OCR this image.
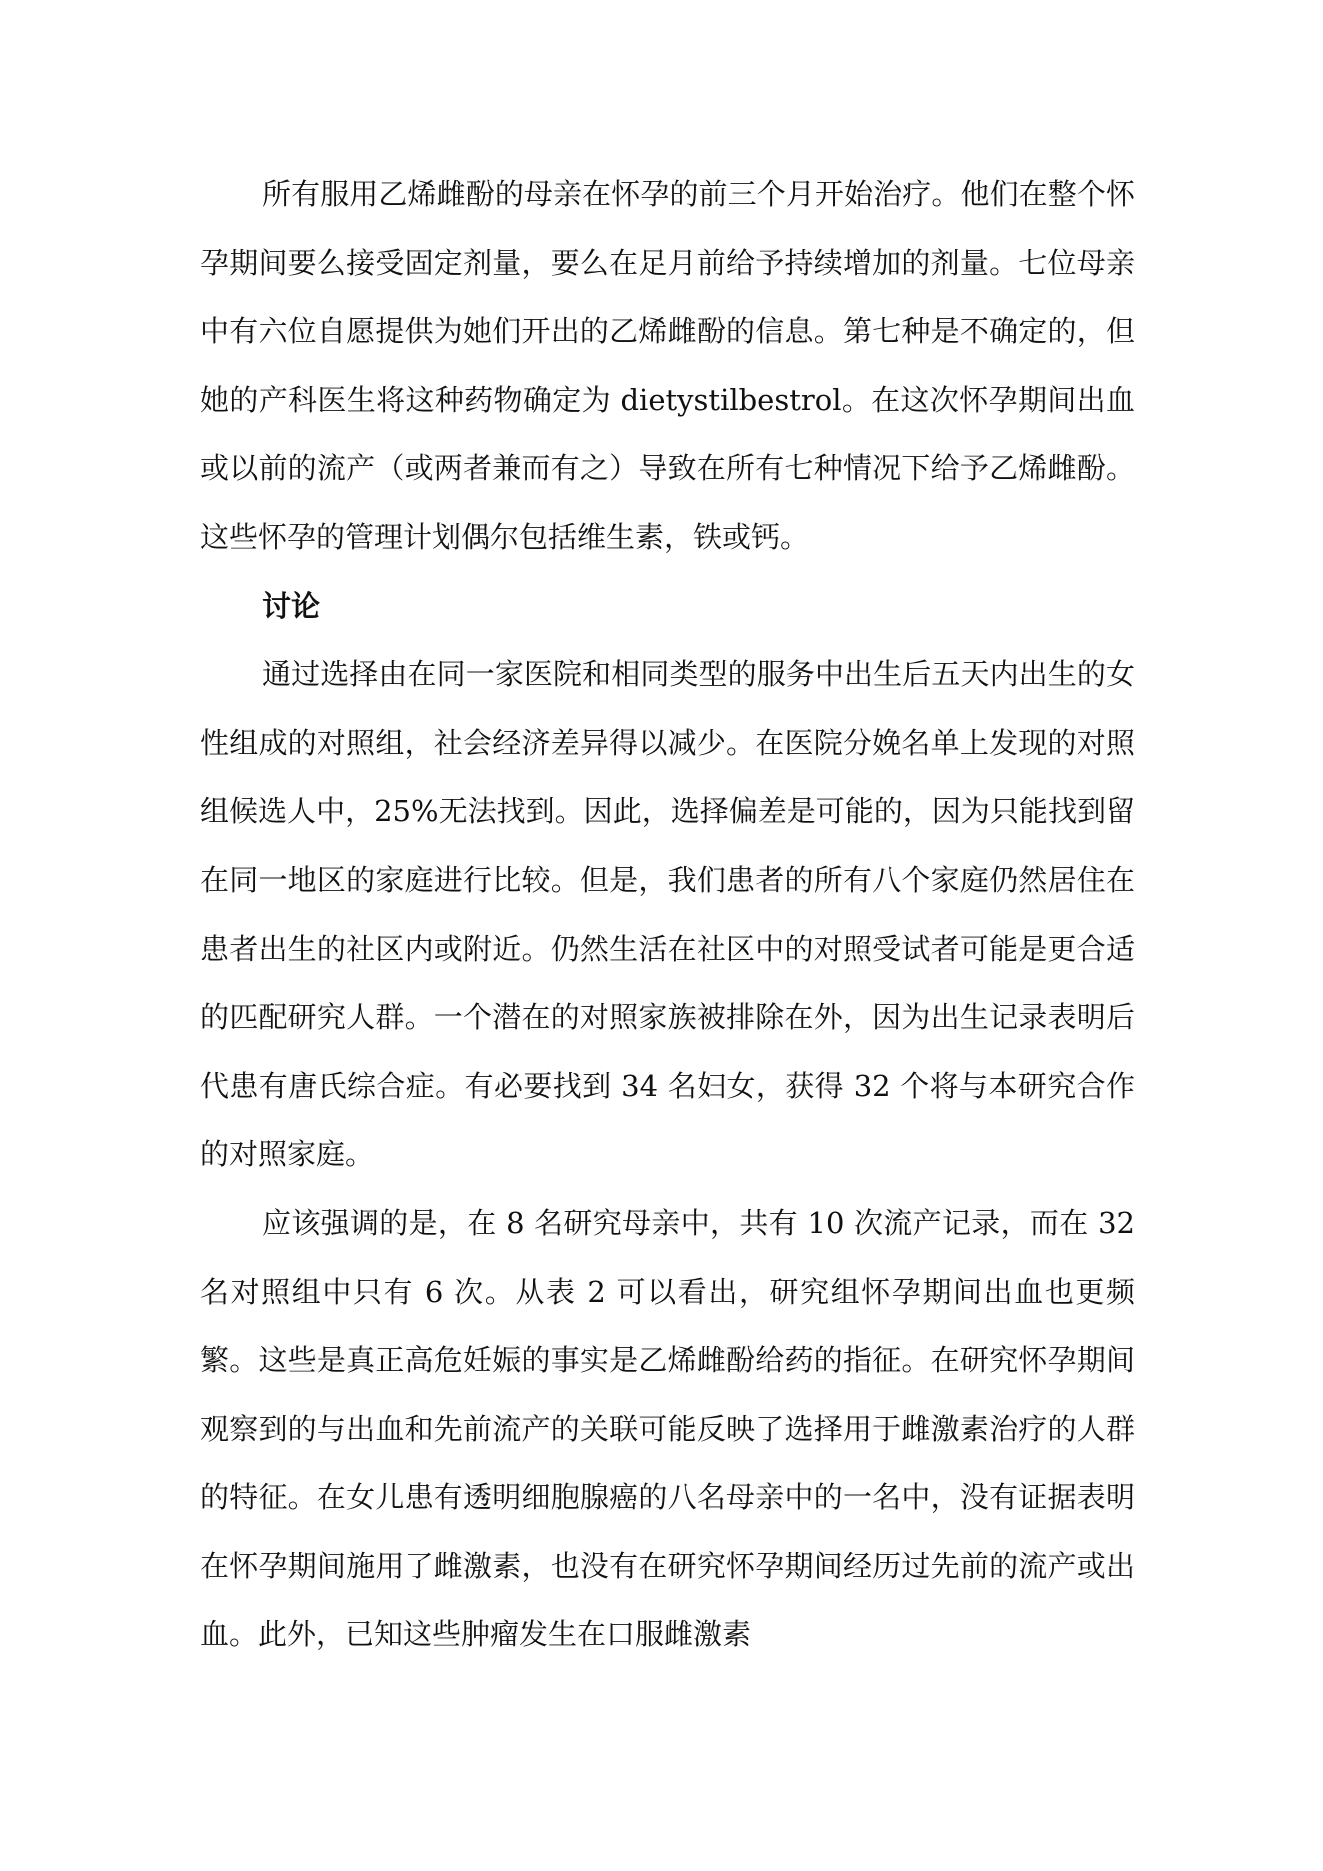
所有服用乙烯雌酚的母亲在怀孕的前三个月开始治疗。他们在整个怀孕期间要么接受固定剂量，要么在足月前给予持续增加的剂量。七位母亲中有六位自愿提供为她们开出的乙烯雌酚的信息。第七种是不确定的，但她的产科医生将这种药物确定为 dietystilbestrol。在这次怀孕期间出血或以前的流产（或两者兼而有之）导致在所有七种情况下给予乙烯雌酚。这些怀孕的管理计划偶尔包括维生素，铁或钙。

讨论

通过选择由在同一家医院和相同类型的服务中出生后五天内出生的女性组成的对照组，社会经济差异得以减少。在医院分娩名单上发现的对照组候选人中，25%无法找到。因此，选择偏差是可能的，因为只能找到留在同一地区的家庭进行比较。但是，我们患者的所有八个家庭仍然居住在患者出生的社区内或附近。仍然生活在社区中的对照受试者可能是更合适的匹配研究人群。一个潜在的对照家族被排除在外，因为出生记录表明后代患有唐氏综合症。有必要找到 34 名妇女，获得 32 个将与本研究合作的对照家庭。

应该强调的是，在 8 名研究母亲中，共有 10 次流产记录，而在 32 名对照组中只有 6 次。从表 2 可以看出，研究组怀孕期间出血也更频繁。这些是真正高危妊娠的事实是乙烯雌酚给药的指征。在研究怀孕期间观察到的与出血和先前流产的关联可能反映了选择用于雌激素治疗的人群的特征。在女儿患有透明细胞腺癌的八名母亲中的一名中，没有证据表明在怀孕期间施用了雌激素，也没有在研究怀孕期间经历过先前的流产或出血。此外，已知这些肿瘤发生在口服雌激素
